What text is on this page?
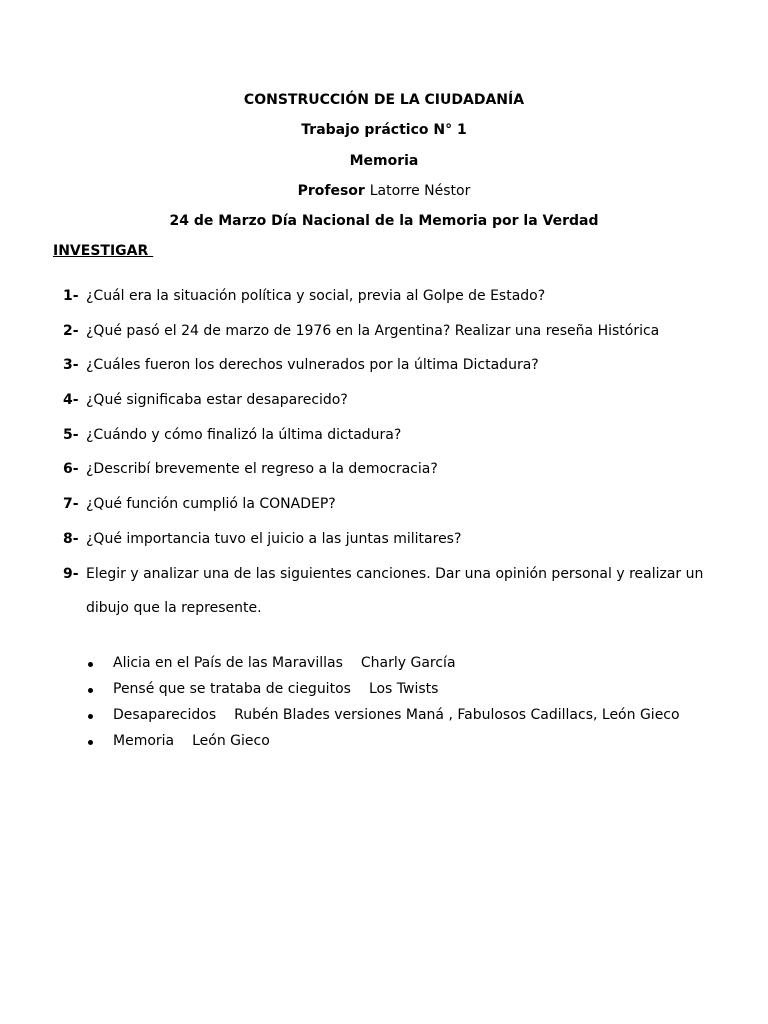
CONSTRUCCIÓN DE LA CIUDADANÍA
Trabajo práctico N° 1
Memoria
Profesor Latorre Néstor
24 de Marzo Día Nacional de la Memoria por la Verdad
INVESTIGAR
1- ¿Cuál era la situación política y social, previa al Golpe de Estado?
2- ¿Qué pasó el 24 de marzo de 1976 en la Argentina? Realizar una reseña Histórica
3- ¿Cuáles fueron los derechos vulnerados por la última Dictadura?
4- ¿Qué significaba estar desaparecido?
5- ¿Cuándo y cómo finalizó la última dictadura?
6- ¿Describí brevemente el regreso a la democracia?
7- ¿Qué función cumplió la CONADEP?
8- ¿Qué importancia tuvo el juicio a las juntas militares?
9- Elegir y analizar una de las siguientes canciones. Dar una opinión personal y realizar un
dibujo que la represente.
Alicia en el País de las Maravillas Charly García
Pensé que se trataba de cieguitos Los Twists
Desaparecidos Rubén Blades versiones Maná , Fabulosos Cadillacs, León Gieco
Memoria León Gieco
